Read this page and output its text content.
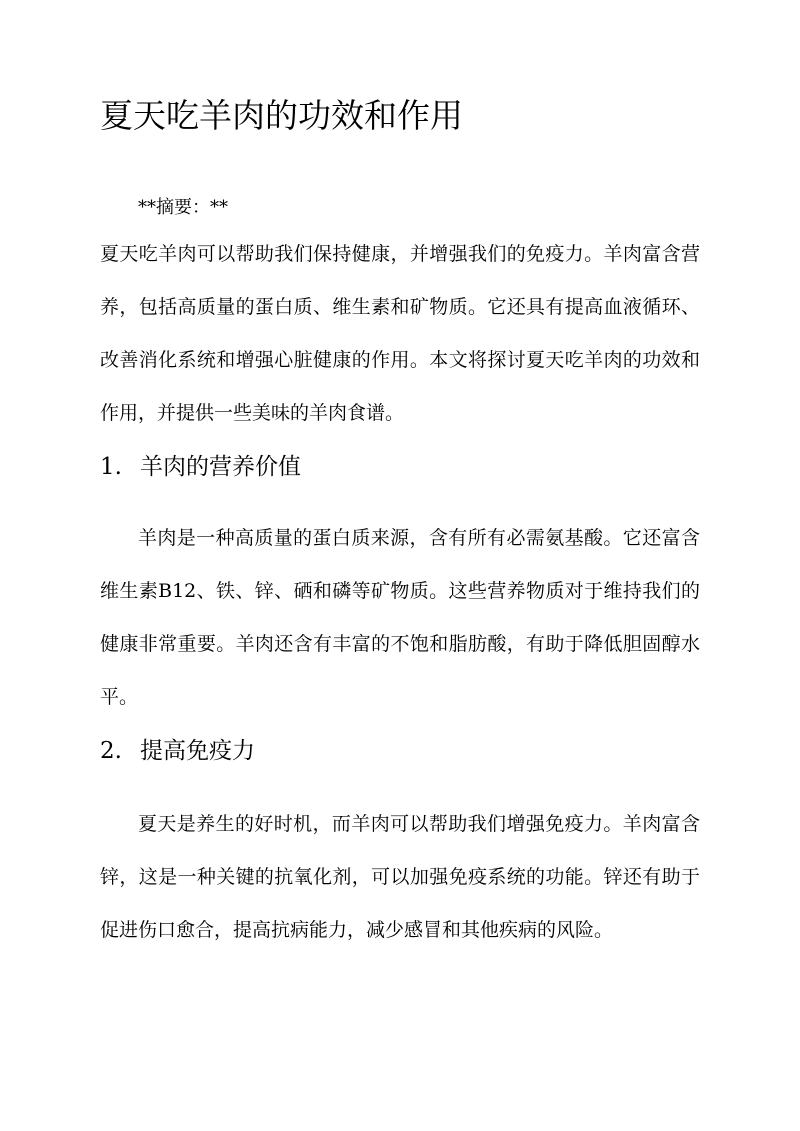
夏天吃羊肉的功效和作用

**摘要：**

夏天吃羊肉可以帮助我们保持健康，并增强我们的免疫力。羊肉富含营养，包括高质量的蛋白质、维生素和矿物质。它还具有提高血液循环、改善消化系统和增强心脏健康的作用。本文将探讨夏天吃羊肉的功效和作用，并提供一些美味的羊肉食谱。

1. 羊肉的营养价值

羊肉是一种高质量的蛋白质来源，含有所有必需氨基酸。它还富含维生素B12、铁、锌、硒和磷等矿物质。这些营养物质对于维持我们的健康非常重要。羊肉还含有丰富的不饱和脂肪酸，有助于降低胆固醇水平。

2. 提高免疫力

夏天是养生的好时机，而羊肉可以帮助我们增强免疫力。羊肉富含锌，这是一种关键的抗氧化剂，可以加强免疫系统的功能。锌还有助于促进伤口愈合，提高抗病能力，减少感冒和其他疾病的风险。
